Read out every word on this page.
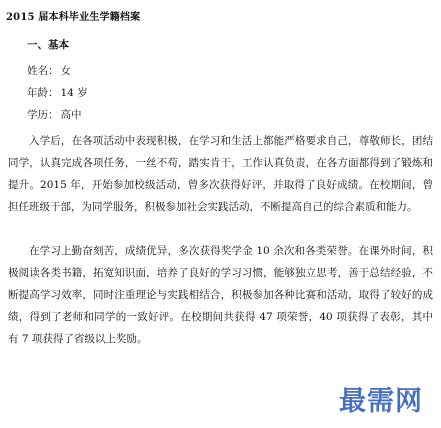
2015 届本科毕业生学籍档案
一、基本
姓名： 女
年龄： 14 岁
学历： 高中

入学后，在各项活动中表现积极，在学习和生活上都能严格要求自己，尊敬师长，团结同学，认真完成各项任务，一丝不苟，踏实肯干，工作认真负责，在各方面都得到了锻炼和提升。2015 年，开始参加校级活动，曾多次获得好评，并取得了良好成绩。在校期间，曾担任班级干部，为同学服务，积极参加社会实践活动，不断提高自己的综合素质和能力。

在学习上勤奋刻苦，成绩优异，多次获得奖学金 10 余次和各类荣誉。在课外时间，积极阅读各类书籍，拓宽知识面，培养了良好的学习习惯，能够独立思考，善于总结经验，不断提高学习效率，同时注重理论与实践相结合，积极参加各种比赛和活动，取得了较好的成绩，得到了老师和同学的一致好评。在校期间共获得 47 项荣誉，40 项获得了表彰，其中有 7 项获得了省级以上奖励。

最需网
